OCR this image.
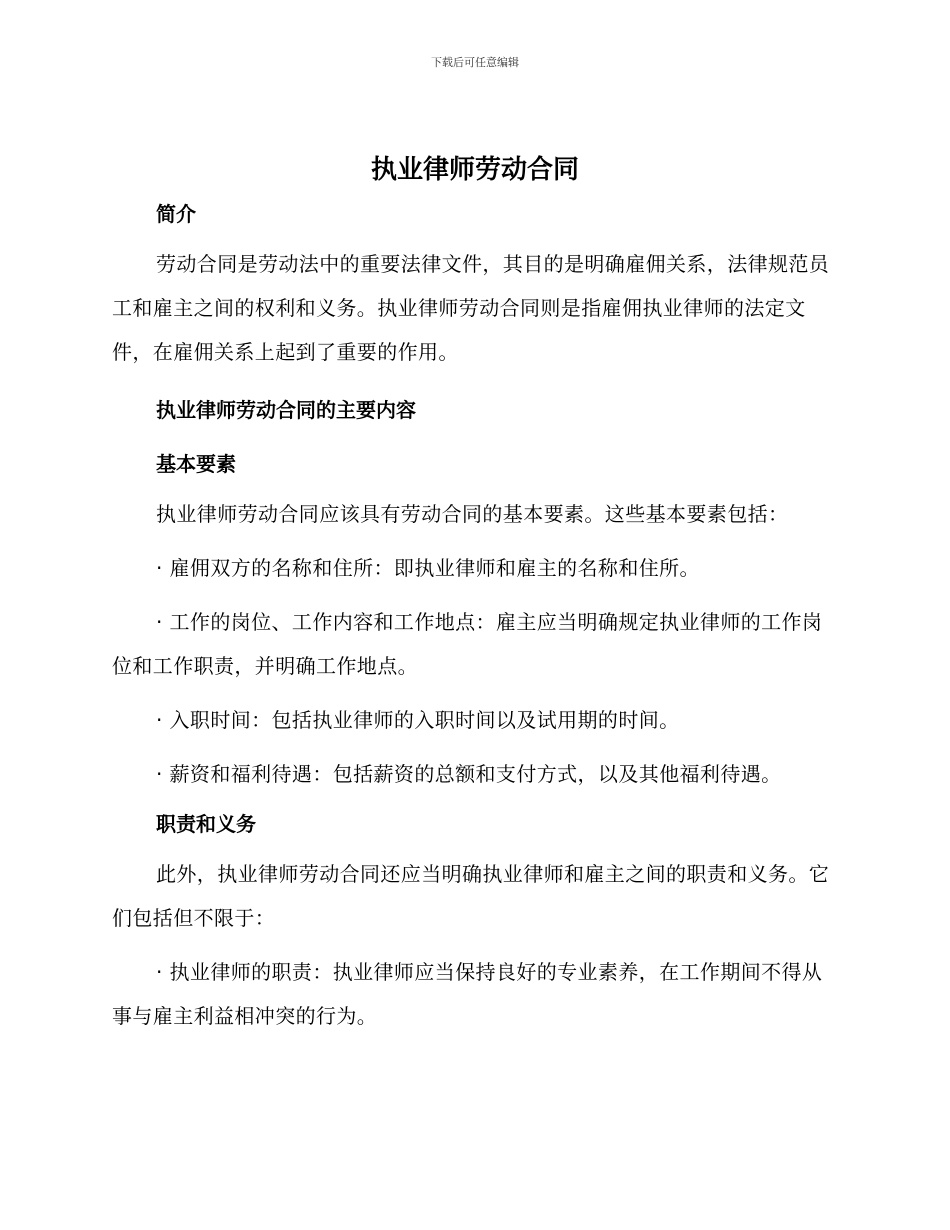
下载后可任意编辑
执业律师劳动合同

简介

劳动合同是劳动法中的重要法律文件，其目的是明确雇佣关系，法律规范员工和雇主之间的权利和义务。执业律师劳动合同则是指雇佣执业律师的法定文件，在雇佣关系上起到了重要的作用。

执业律师劳动合同的主要内容

基本要素

执业律师劳动合同应该具有劳动合同的基本要素。这些基本要素包括：

· 雇佣双方的名称和住所：即执业律师和雇主的名称和住所。

· 工作的岗位、工作内容和工作地点：雇主应当明确规定执业律师的工作岗位和工作职责，并明确工作地点。

· 入职时间：包括执业律师的入职时间以及试用期的时间。

· 薪资和福利待遇：包括薪资的总额和支付方式，以及其他福利待遇。

职责和义务

此外，执业律师劳动合同还应当明确执业律师和雇主之间的职责和义务。它们包括但不限于：

· 执业律师的职责：执业律师应当保持良好的专业素养，在工作期间不得从事与雇主利益相冲突的行为。
